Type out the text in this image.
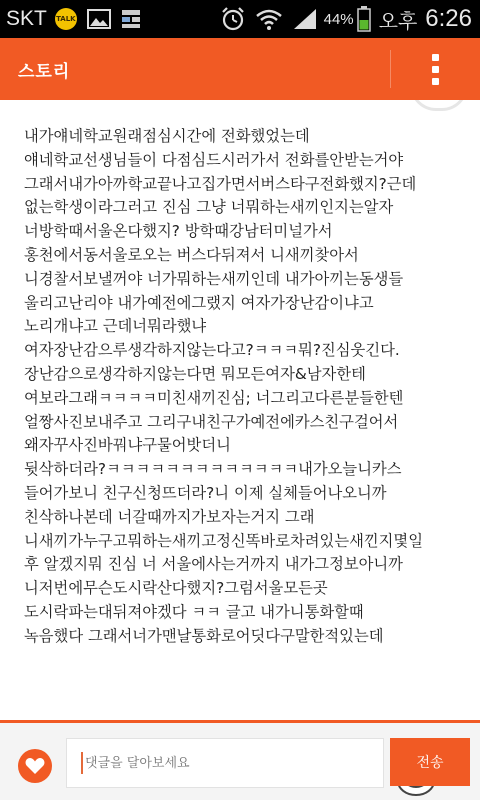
SKT TALK	44% 오후 6:26
스토리
내가얘네학교원래점심시간에 전화했었는데
얘네학교선생님들이 다점심드시러가서 전화를안받는거야
그래서내가아까학교끝나고집가면서버스타구전화했지?근데
없는학생이라그러고 진심 그냥 너뭐하는새끼인지는알자
너방학때서울온다했지? 방학때강남터미널가서
홍천에서동서울로오는 버스다뒤져서 니새끼찾아서
니경찰서보낼꺼야 너가뭐하는새끼인데 내가아끼는동생들
울리고난리야 내가예전에그랬지 여자가장난감이냐고
노리개냐고 근데너뭐라했냐
여자장난감으루생각하지않는다고?ㅋㅋㅋ뭐?진심웃긴다.
장난감으로생각하지않는다면 뭐모든여자&남자한테
여보라그래ㅋㅋㅋㅋ미친새끼진심; 너그리고다른분들한텐
얼짱사진보내주고 그리구내친구가예전에카스친구걸어서
왜자꾸사진바꿔냐구물어밧더니
뒷삭하더라?ㅋㅋㅋㅋㅋㅋㅋㅋㅋㅋㅋㅋㅋ내가오늘니카스
들어가보니 친구신청뜨더라?니 이제 실체들어나오니까
친삭하나본데 너갈때까지가보자는거지 그래
니새끼가누구고뭐하는새끼고정신똑바로차려있는새낀지몇일
후 알겠지뭐 진심 너 서울에사는거까지 내가그정보아니까
니저번에무슨도시락산다했지?그럼서울모든곳
도시락파는대뒤져야겠다 ㅋㅋ 글고 내가니통화할때
녹음했다 그래서너가맨날통화로어딧다구말한적있는데
댓글을 달아보세요
전송
